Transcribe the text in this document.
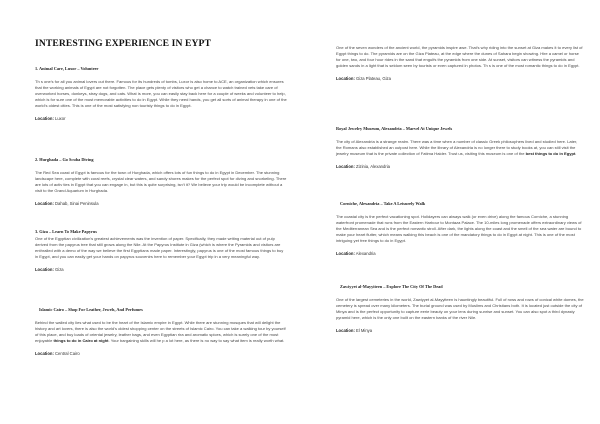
INTERESTING EXPERIENCE IN EYPT

1. Animal Care, Luxor – Volunteer

Th s one's for all you animal lovers out there. Famous for its hundreds of tombs, Luxor is also home to ACE, an organization which ensures that the working animals of Egypt are not forgotten. The place gets plenty of visitors who get a chance to watch trained vets take care of overworked horses, donkeys, stray dogs, and cats. What is more, you can easily stay back here for a couple of weeks and volunteer to help, which is for sure one of the most memorable activities to do in Egypt. While they need hands, you get all sorts of animal therapy in one of the world's oldest cities. This is one of the most satisfying non touristy things to do in Egypt.

Location: Luxor

2. Hurghada – Go Scuba Diving

The Red Sea coast of Egypt is famous for the town of Hurghada, which offers lots of fun things to do in Egypt in December. The stunning landscape here, complete with coral reefs, crystal clear waters, and sandy shores makes for the perfect spot for diving and snorkeling. There are lots of activ ties in Egypt that you can engage in, but this is quite surprising, isn't it? We believe your trip would be incomplete without a visit to the Grand Aquarium in Hurghada.

Location: Dahab, Sinai Peninsula

3. Giza – Learn To Make Papyrus

One of the Egyptian civilization's greatest achievements was the invention of paper. Specifically, they made writing material out of pulp derived from the papyrus tree that still grows along the Nile. At the Papyrus Institute in Giza (which is where the Pyramids and visitors are enthralled with a demo of the way we believe the first Egyptians made paper. Interestingly, papyrus is one of the most famous things to buy in Egypt, and you can easily get your hands on papyrus souvenirs here to remember your Egypt trip in a very meaningful way.

Location: Giza

Islamic Cairo – Shop For Leather, Jewels, And Perfumes

Behind the walled city lies what used to be the heart of the Islamic empire in Egypt. While there are stunning mosques that will delight the history and art lovers, there is also the world's oldest shopping center on the streets of Islamic Cairo. You can take a walking tour by yourself of this place, and buy loads of oriental jewelry, leather bags, and even Egyptian rira and aromatic spices, which is surely one of the most enjoyable things to do in Cairo at night. Your bargaining skills will he p a lot here, as there is no way to say what item is really worth what.

Location: Central Cairo

One of the seven wonders of the ancient world, the pyramids inspire awe. That's why riding into the sunset at Giza makes it to every list of Egypt things to do. The pyramids are on the Giza Plateau, at the edge where the dunes of Sahara begin showing. Hire a camel or horse for one, two, and four hour rides in the sand that engulfs the pyramids from one side. At sunset, visitors can witness the pyramids and golden sands in a light that is seldom seen by tourists or even captured in photos. Th s is one of the most romantic things to do in Egypt.

Location: Giza Plateau, Giza

Royal Jewelry Museum, Alexandria – Marvel At Unique Jewels

The city of Alexandria is a strange realm. There was a time when a number of classic Greek philosophers lived and studied here. Later, the Romans also established an outpost here. While the library of Alexandria is no longer there to study books at, you can still visit the jewelry museum that is the private collection of Fatima Haider. Trust us, visiting this museum is one of the best things to do in Egypt.

Location: Zizinia, Alexandria

Corniche, Alexandria – Take A Leisurely Walk

The coastal city is the perfect vacationing spot. Holidayers can always walk (or even drive) along the famous Corniche, a stunning waterfront promenade that runs from the Eastern Harbour to Montaza Palace. The 10-miles long promenade offers extraordinary views of the Mediterranean Sea and is the perfect romantic stroll. After dark, the lights along the coast and the smell of the sea water are bound to make your heart flutter, which means walking this beach is one of the mandatory things to do in Egypt at night. This is one of the most intriguing yet free things to do in Egypt.

Location: Alexandria

Zawiyyet al-Mayyiteen – Explore The City Of The Dead

One of the largest cemeteries in the world, Zawiyyet al-Mayyiteen is hauntingly beautiful. Full of rows and rows of conical white domes, the cemetery is spread over many kilometers. The burial ground was used by Muslims and Christians both. It is located just outside the city of Minya and is the perfect opportunity to capture eerie beauty on your lens during sunrise and sunset. You can also spot a third dynasty pyramid here, which is the only one built on the eastern banks of the river Nile.

Location: El Minya
